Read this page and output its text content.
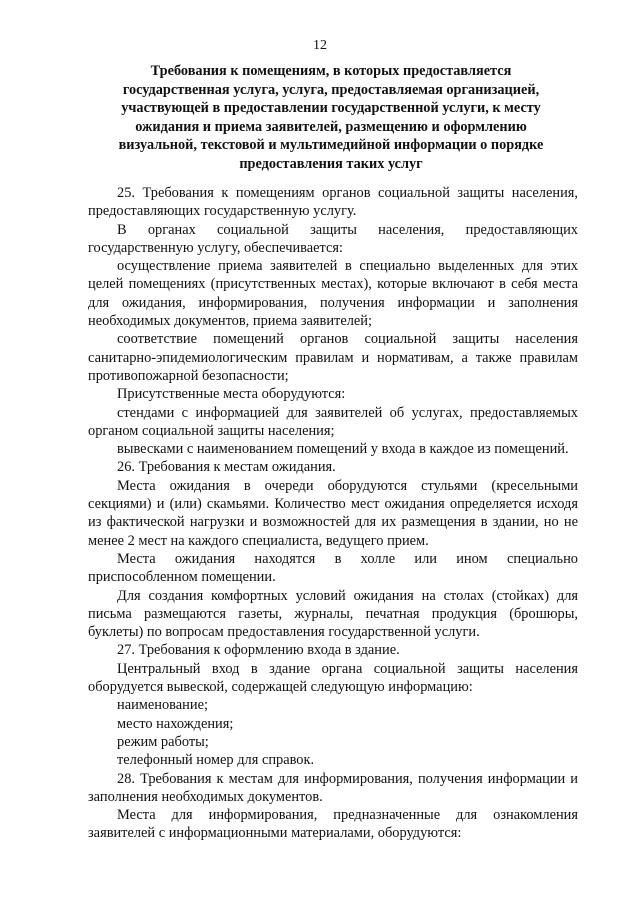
12
Требования к помещениям, в которых предоставляется
государственная услуга, услуга, предоставляемая организацией,
участвующей в предоставлении государственной услуги, к месту
ожидания и приема заявителей, размещению и оформлению
визуальной, текстовой и мультимедийной информации о порядке
предоставления таких услуг

25. Требования к помещениям органов социальной защиты населения, предоставляющих государственную услугу.

В органах социальной защиты населения, предоставляющих государственную услугу, обеспечивается:

осуществление приема заявителей в специально выделенных для этих целей помещениях (присутственных местах), которые включают в себя места для ожидания, информирования, получения информации и заполнения необходимых документов, приема заявителей;

соответствие помещений органов социальной защиты населения санитарно-эпидемиологическим правилам и нормативам, а также правилам противопожарной безопасности;

Присутственные места оборудуются:

стендами с информацией для заявителей об услугах, предоставляемых органом социальной защиты населения;

вывесками с наименованием помещений у входа в каждое из помещений.

26. Требования к местам ожидания.

Места ожидания в очереди оборудуются стульями (кресельными секциями) и (или) скамьями. Количество мест ожидания определяется исходя из фактической нагрузки и возможностей для их размещения в здании, но не менее 2 мест на каждого специалиста, ведущего прием.

Места ожидания находятся в холле или ином специально приспособленном помещении.

Для создания комфортных условий ожидания на столах (стойках) для письма размещаются газеты, журналы, печатная продукция (брошюры, буклеты) по вопросам предоставления государственной услуги.

27. Требования к оформлению входа в здание.

Центральный вход в здание органа социальной защиты населения оборудуется вывеской, содержащей следующую информацию:

наименование;

место нахождения;

режим работы;

телефонный номер для справок.

28. Требования к местам для информирования, получения информации и заполнения необходимых документов.

Места для информирования, предназначенные для ознакомления заявителей с информационными материалами, оборудуются:
